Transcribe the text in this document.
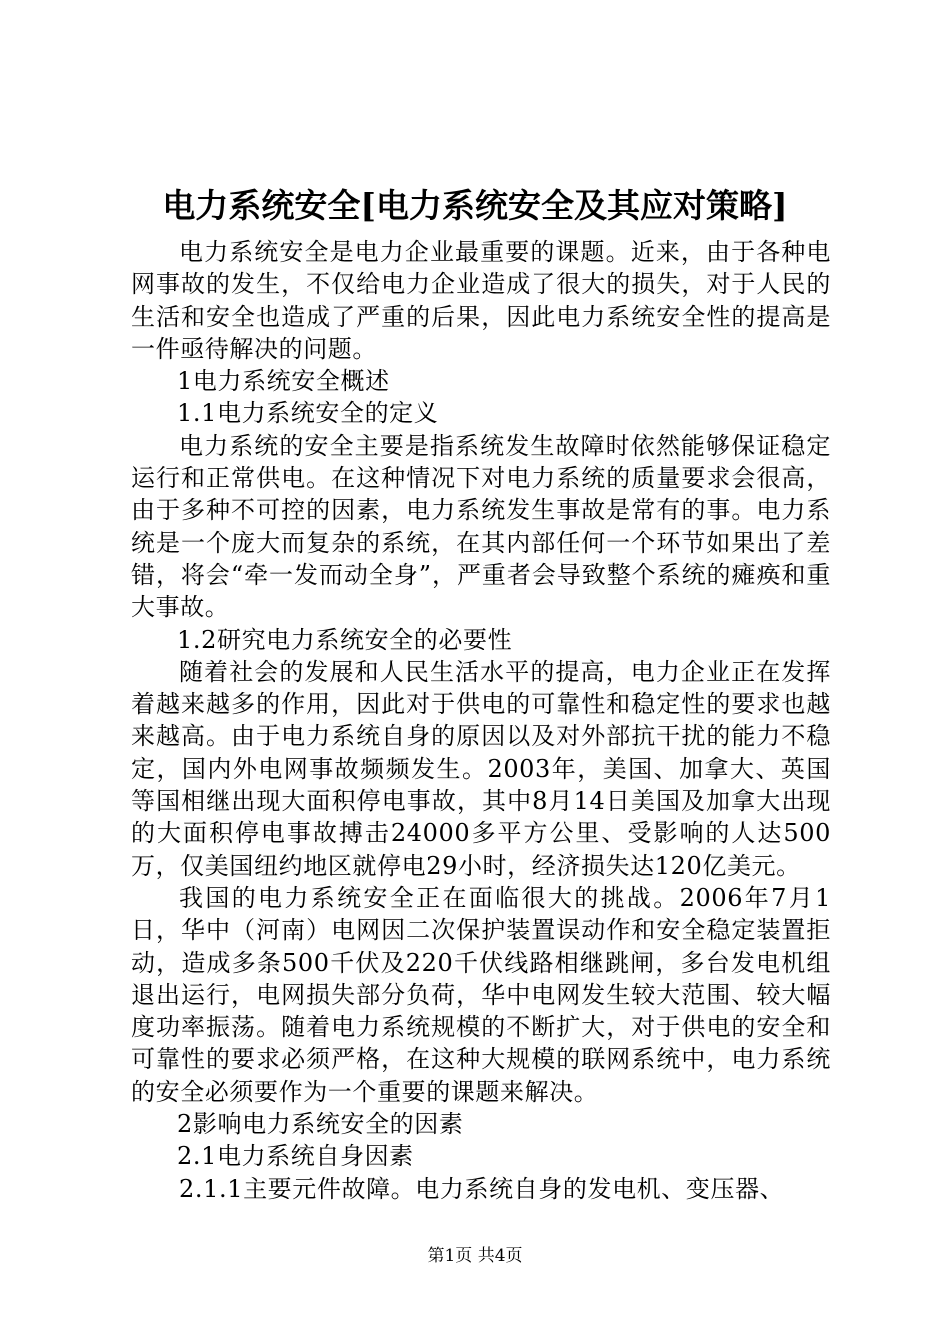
电力系统安全[电力系统安全及其应对策略]

电力系统安全是电力企业最重要的课题。近来，由于各种电网事故的发生，不仅给电力企业造成了很大的损失，对于人民的生活和安全也造成了严重的后果，因此电力系统安全性的提高是一件亟待解决的问题。

1电力系统安全概述

1.1电力系统安全的定义

电力系统的安全主要是指系统发生故障时依然能够保证稳定运行和正常供电。在这种情况下对电力系统的质量要求会很高，由于多种不可控的因素，电力系统发生事故是常有的事。电力系统是一个庞大而复杂的系统，在其内部任何一个环节如果出了差错，将会“牵一发而动全身”，严重者会导致整个系统的瘫痪和重大事故。

1.2研究电力系统安全的必要性

随着社会的发展和人民生活水平的提高，电力企业正在发挥着越来越多的作用，因此对于供电的可靠性和稳定性的要求也越来越高。由于电力系统自身的原因以及对外部抗干扰的能力不稳定，国内外电网事故频频发生。2003年，美国、加拿大、英国等国相继出现大面积停电事故，其中8月14日美国及加拿大出现的大面积停电事故搏击24000多平方公里、受影响的人达500万，仅美国纽约地区就停电29小时，经济损失达120亿美元。

我国的电力系统安全正在面临很大的挑战。2006年7月1日，华中（河南）电网因二次保护装置误动作和安全稳定装置拒动，造成多条500千伏及220千伏线路相继跳闸，多台发电机组退出运行，电网损失部分负荷，华中电网发生较大范围、较大幅度功率振荡。随着电力系统规模的不断扩大，对于供电的安全和可靠性的要求必须严格，在这种大规模的联网系统中，电力系统的安全必须要作为一个重要的课题来解决。

2影响电力系统安全的因素

2.1电力系统自身因素

2.1.1主要元件故障。电力系统自身的发电机、变压器、

第1页 共4页
